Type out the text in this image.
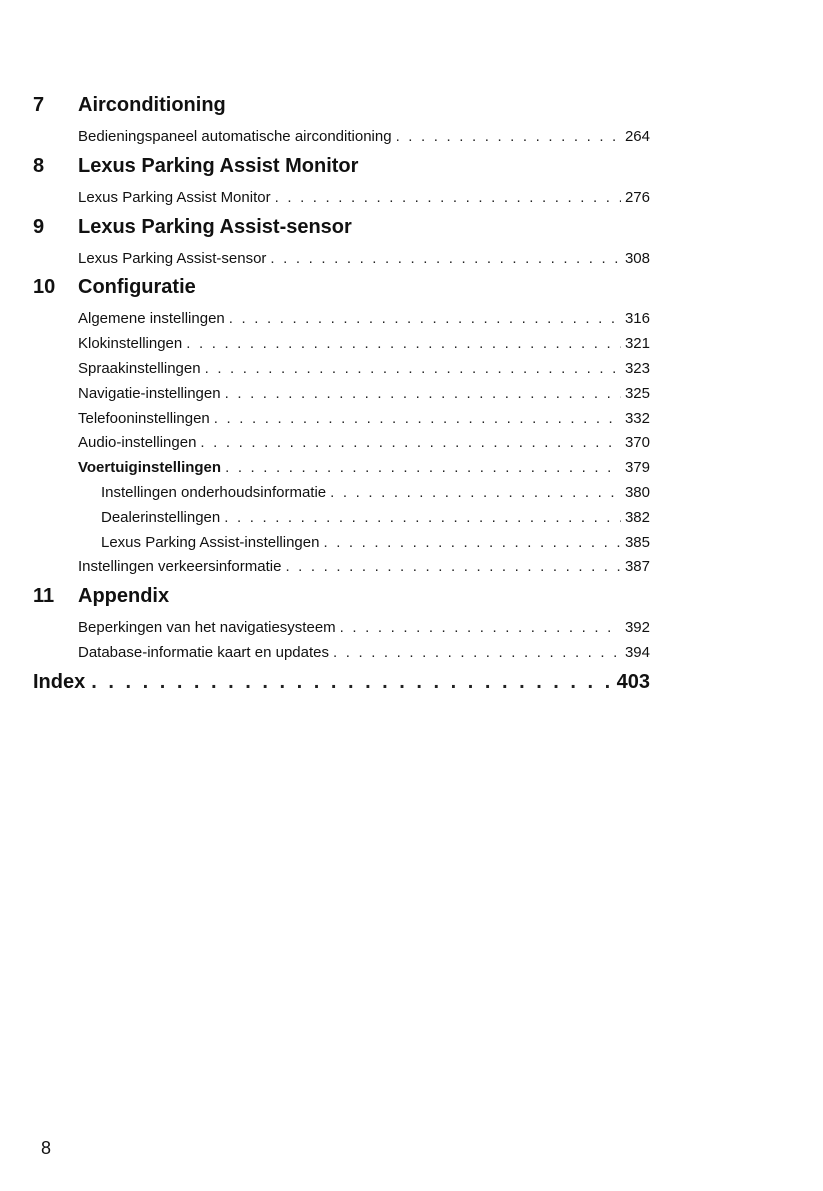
7	Airconditioning
Bedieningspaneel automatische airconditioning . . .	264
8	Lexus Parking Assist Monitor
Lexus Parking Assist Monitor . . .	276
9	Lexus Parking Assist-sensor
Lexus Parking Assist-sensor . . .	308
10	Configuratie
Algemene instellingen . . .	316
Klokinstellingen . . .	321
Spraakinstellingen . . .	323
Navigatie-instellingen . . .	325
Telefooninstellingen . . .	332
Audio-instellingen . . .	370
Voertuiginstellingen . . .	379
Instellingen onderhoudsinformatie . . .	380
Dealerinstellingen . . .	382
Lexus Parking Assist-instellingen . . .	385
Instellingen verkeersinformatie . . .	387
11	Appendix
Beperkingen van het navigatiesysteem . . .	392
Database-informatie kaart en updates . . .	394
Index . . .	403
8
